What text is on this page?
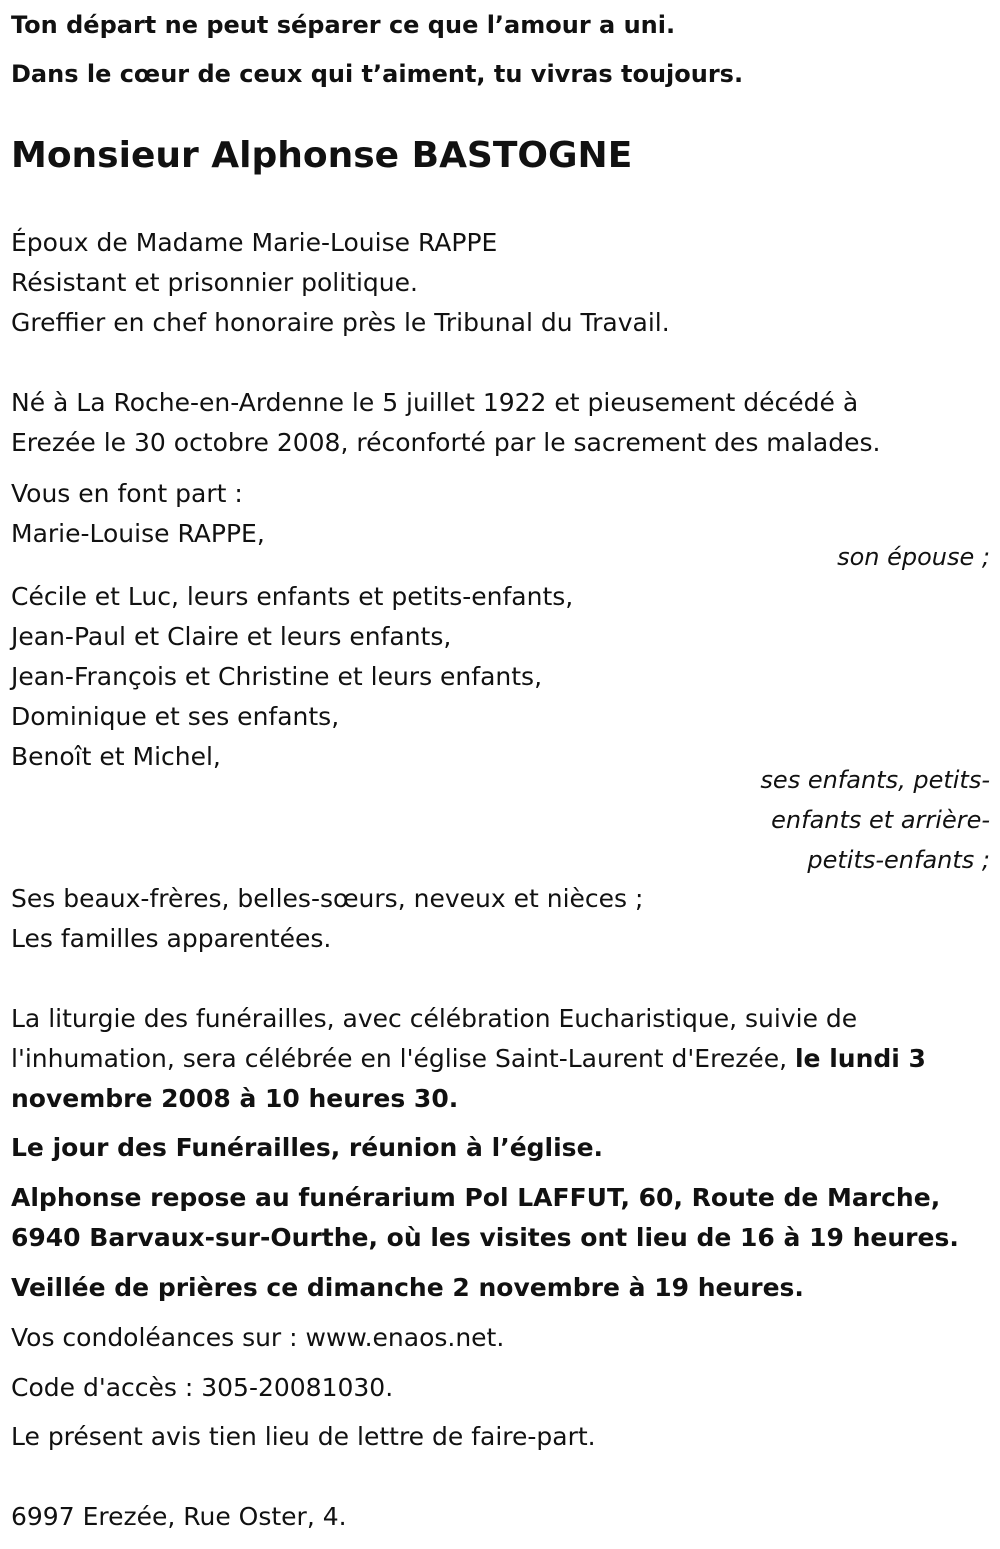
Ton départ ne peut séparer ce que l’amour a uni.
Dans le cœur de ceux qui t’aiment, tu vivras toujours.
Monsieur Alphonse BASTOGNE
Époux de Madame Marie-Louise RAPPE
Résistant et prisonnier politique.
Greffier en chef honoraire près le Tribunal du Travail.
Né à La Roche-en-Ardenne le 5 juillet 1922 et pieusement décédé à
Erezée le 30 octobre 2008, réconforté par le sacrement des malades.
Vous en font part :
Marie-Louise RAPPE,
son épouse ;
Cécile et Luc, leurs enfants et petits-enfants,
Jean-Paul et Claire et leurs enfants,
Jean-François et Christine et leurs enfants,
Dominique et ses enfants,
Benoît et Michel,
ses enfants, petits-
enfants et arrière-
petits-enfants ;
Ses beaux-frères, belles-sœurs, neveux et nièces ;
Les familles apparentées.
La liturgie des funérailles, avec célébration Eucharistique, suivie de
l'inhumation, sera célébrée en l'église Saint-Laurent d'Erezée, le lundi 3
novembre 2008 à 10 heures 30.
Le jour des Funérailles, réunion à l’église.
Alphonse repose au funérarium Pol LAFFUT, 60, Route de Marche,
6940 Barvaux-sur-Ourthe, où les visites ont lieu de 16 à 19 heures.
Veillée de prières ce dimanche 2 novembre à 19 heures.
Vos condoléances sur : www.enaos.net.
Code d'accès : 305-20081030.
Le présent avis tien lieu de lettre de faire-part.
6997 Erezée, Rue Oster, 4.
